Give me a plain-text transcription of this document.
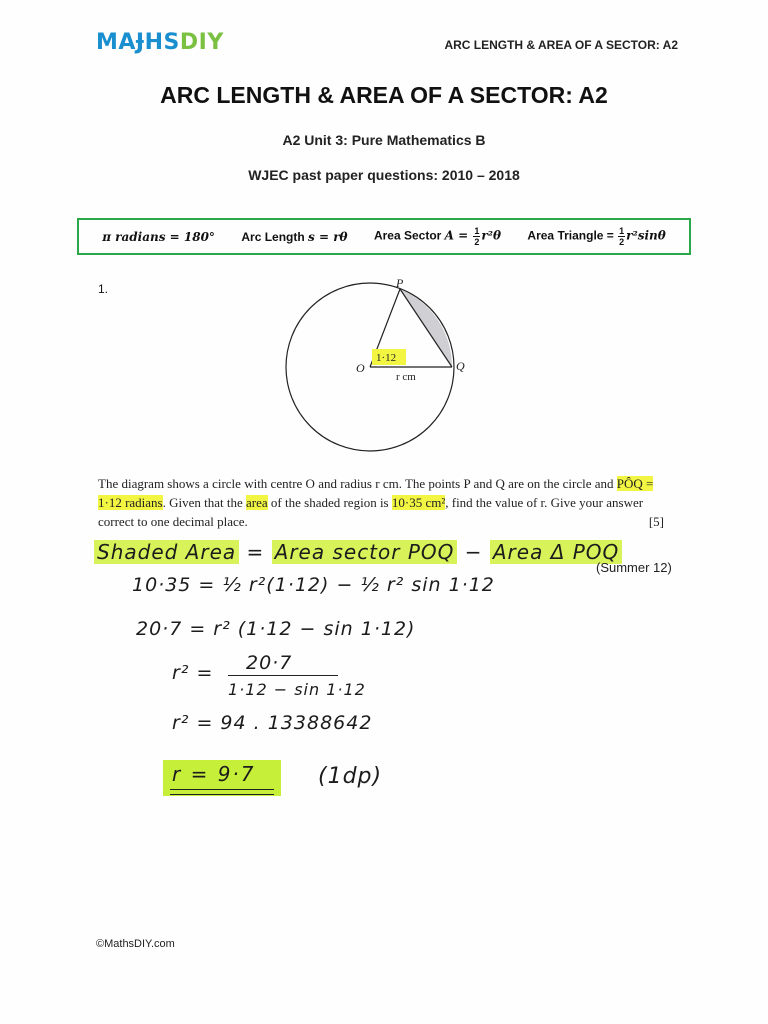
MAɈHSDIY	ARC LENGTH & AREA OF A SECTOR: A2
ARC LENGTH & AREA OF A SECTOR: A2
A2 Unit 3: Pure Mathematics B
WJEC past paper questions: 2010 – 2018
π radians = 180° Arc Length s = rθ Area Sector $A = \frac{1}{2} r^2\theta$ Area Triangle = $\frac{1}{2} r^2\sin\theta$
1.
1·12
P
O	Q
r cm
The diagram shows a circle with centre O and radius r cm. The points P and Q are on the circle and PÔQ = 1·12 radians. Given that the area of the shaded region is 10·35 cm², find the value of r. Give your answer correct to one decimal place.	[5]
Shaded Area = Area sector POQ − Area Δ POQ
(Summer 12)
10·35 = ½ r²(1·12) − ½ r² sin 1·12
20·7 = r² (1·12 − sin 1·12)
r² = 20·7
1·12 − sin 1·12
r² = 94 . 13388642
r = 9·7	(1dp)
©MathsDIY.com
